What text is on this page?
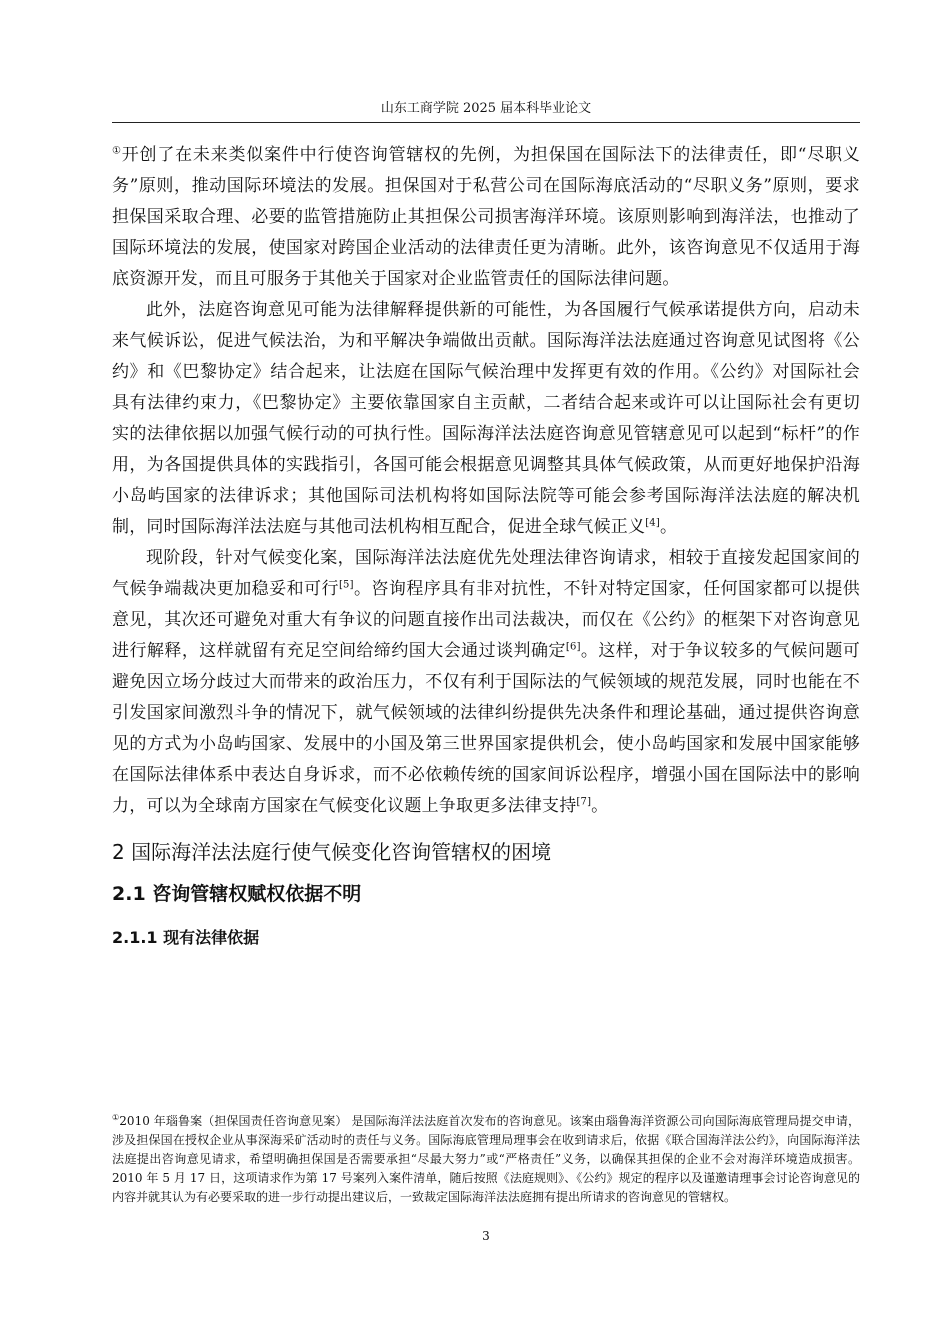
山东工商学院 2025 届本科毕业论文

①开创了在未来类似案件中行使咨询管辖权的先例，为担保国在国际法下的法律责任，即“尽职义务”原则，推动国际环境法的发展。担保国对于私营公司在国际海底活动的“尽职义务”原则，要求担保国采取合理、必要的监管措施防止其担保公司损害海洋环境。该原则影响到海洋法，也推动了国际环境法的发展，使国家对跨国企业活动的法律责任更为清晰。此外，该咨询意见不仅适用于海底资源开发，而且可服务于其他关于国家对企业监管责任的国际法律问题。

此外，法庭咨询意见可能为法律解释提供新的可能性，为各国履行气候承诺提供方向，启动未来气候诉讼，促进气候法治，为和平解决争端做出贡献。国际海洋法法庭通过咨询意见试图将《公约》和《巴黎协定》结合起来，让法庭在国际气候治理中发挥更有效的作用。《公约》对国际社会具有法律约束力，《巴黎协定》主要依靠国家自主贡献，二者结合起来或许可以让国际社会有更切实的法律依据以加强气候行动的可执行性。国际海洋法法庭咨询意见管辖意见可以起到“标杆”的作用，为各国提供具体的实践指引，各国可能会根据意见调整其具体气候政策，从而更好地保护沿海小岛屿国家的法律诉求；其他国际司法机构将如国际法院等可能会参考国际海洋法法庭的解决机制，同时国际海洋法法庭与其他司法机构相互配合，促进全球气候正义[4]。

现阶段，针对气候变化案，国际海洋法法庭优先处理法律咨询请求，相较于直接发起国家间的气候争端裁决更加稳妥和可行[5]。咨询程序具有非对抗性，不针对特定国家，任何国家都可以提供意见，其次还可避免对重大有争议的问题直接作出司法裁决，而仅在《公约》的框架下对咨询意见进行解释，这样就留有充足空间给缔约国大会通过谈判确定[6]。这样，对于争议较多的气候问题可避免因立场分歧过大而带来的政治压力，不仅有利于国际法的气候领域的规范发展，同时也能在不引发国家间激烈斗争的情况下，就气候领域的法律纠纷提供先决条件和理论基础，通过提供咨询意见的方式为小岛屿国家、发展中的小国及第三世界国家提供机会，使小岛屿国家和发展中国家能够在国际法律体系中表达自身诉求，而不必依赖传统的国家间诉讼程序，增强小国在国际法中的影响力，可以为全球南方国家在气候变化议题上争取更多法律支持[7]。

2 国际海洋法法庭行使气候变化咨询管辖权的困境
2.1 咨询管辖权赋权依据不明
2.1.1 现有法律依据
①2010 年瑙鲁案（担保国责任咨询意见案） 是国际海洋法法庭首次发布的咨询意见。该案由瑙鲁海洋资源公司向国际海底管理局提交申请，涉及担保国在授权企业从事深海采矿活动时的责任与义务。国际海底管理局理事会在收到请求后，依据《联合国海洋法公约》，向国际海洋法法庭提出咨询意见请求，希望明确担保国是否需要承担“尽最大努力”或“严格责任”义务，以确保其担保的企业不会对海洋环境造成损害。2010 年 5 月 17 日，这项请求作为第 17 号案列入案件清单，随后按照《法庭规则》、《公约》规定的程序以及谨邀请理事会讨论咨询意见的内容并就其认为有必要采取的进一步行动提出建议后，一致裁定国际海洋法法庭拥有提出所请求的咨询意见的管辖权。
3
